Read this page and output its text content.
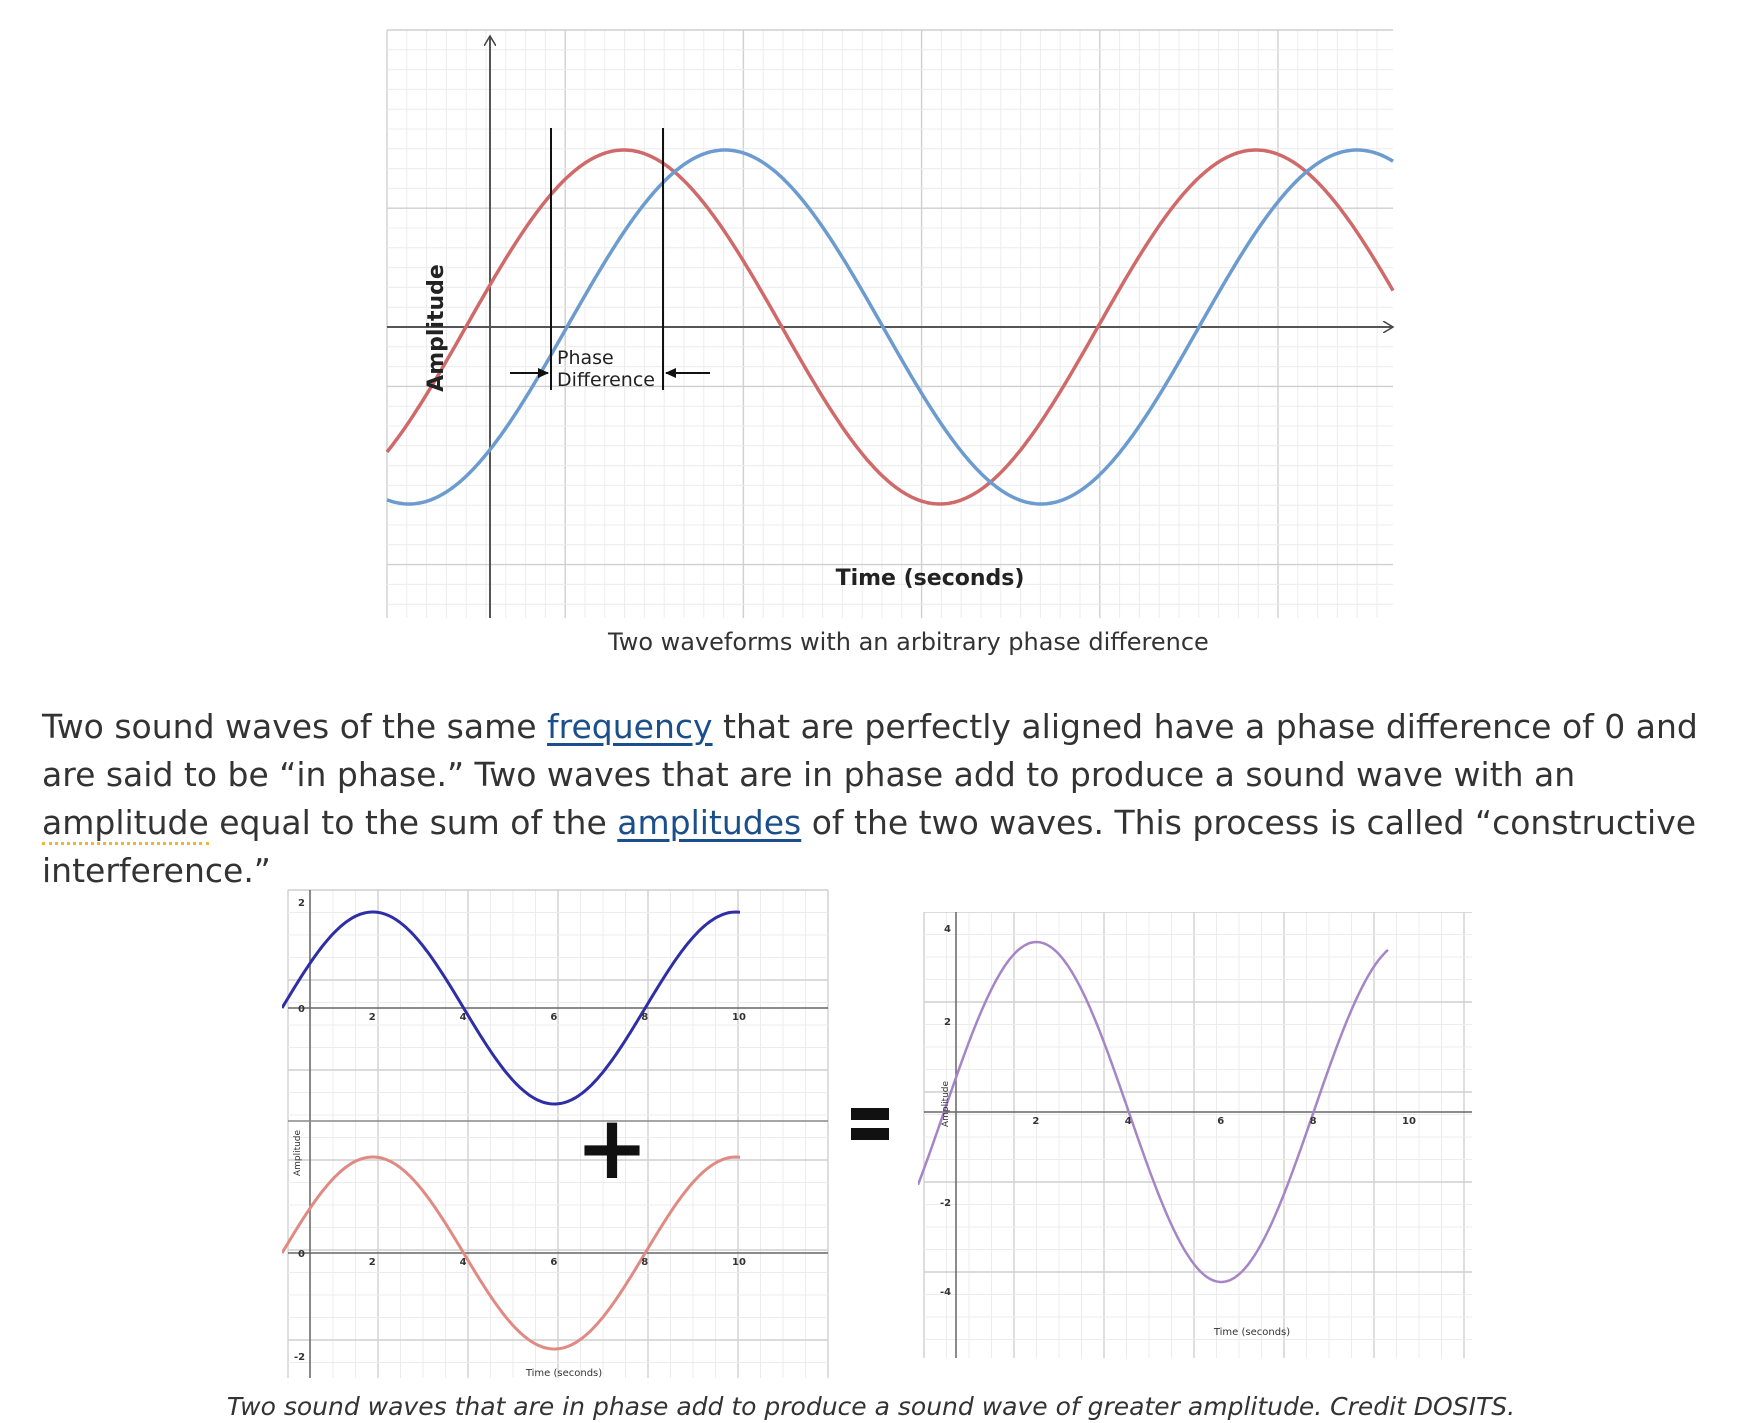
Phase
Difference
Amplitude
Time (seconds)
Two waveforms with an arbitrary phase difference

Two sound waves of the same frequency that are perfectly aligned have a phase difference of 0 and are said to be “in phase.” Two waves that are in phase add to produce a sound wave with an amplitude equal to the sum of the amplitudes of the two waves. This process is called “constructive interference.”

2
0
0
-2
2
2
4
4
6
6
8
8
10
10
Amplitude
Time (seconds)
+
4
2
-2
-4
2	4	6	8	10
Amplitude
Time (seconds)
Two sound waves that are in phase add to produce a sound wave of greater amplitude. Credit DOSITS.
